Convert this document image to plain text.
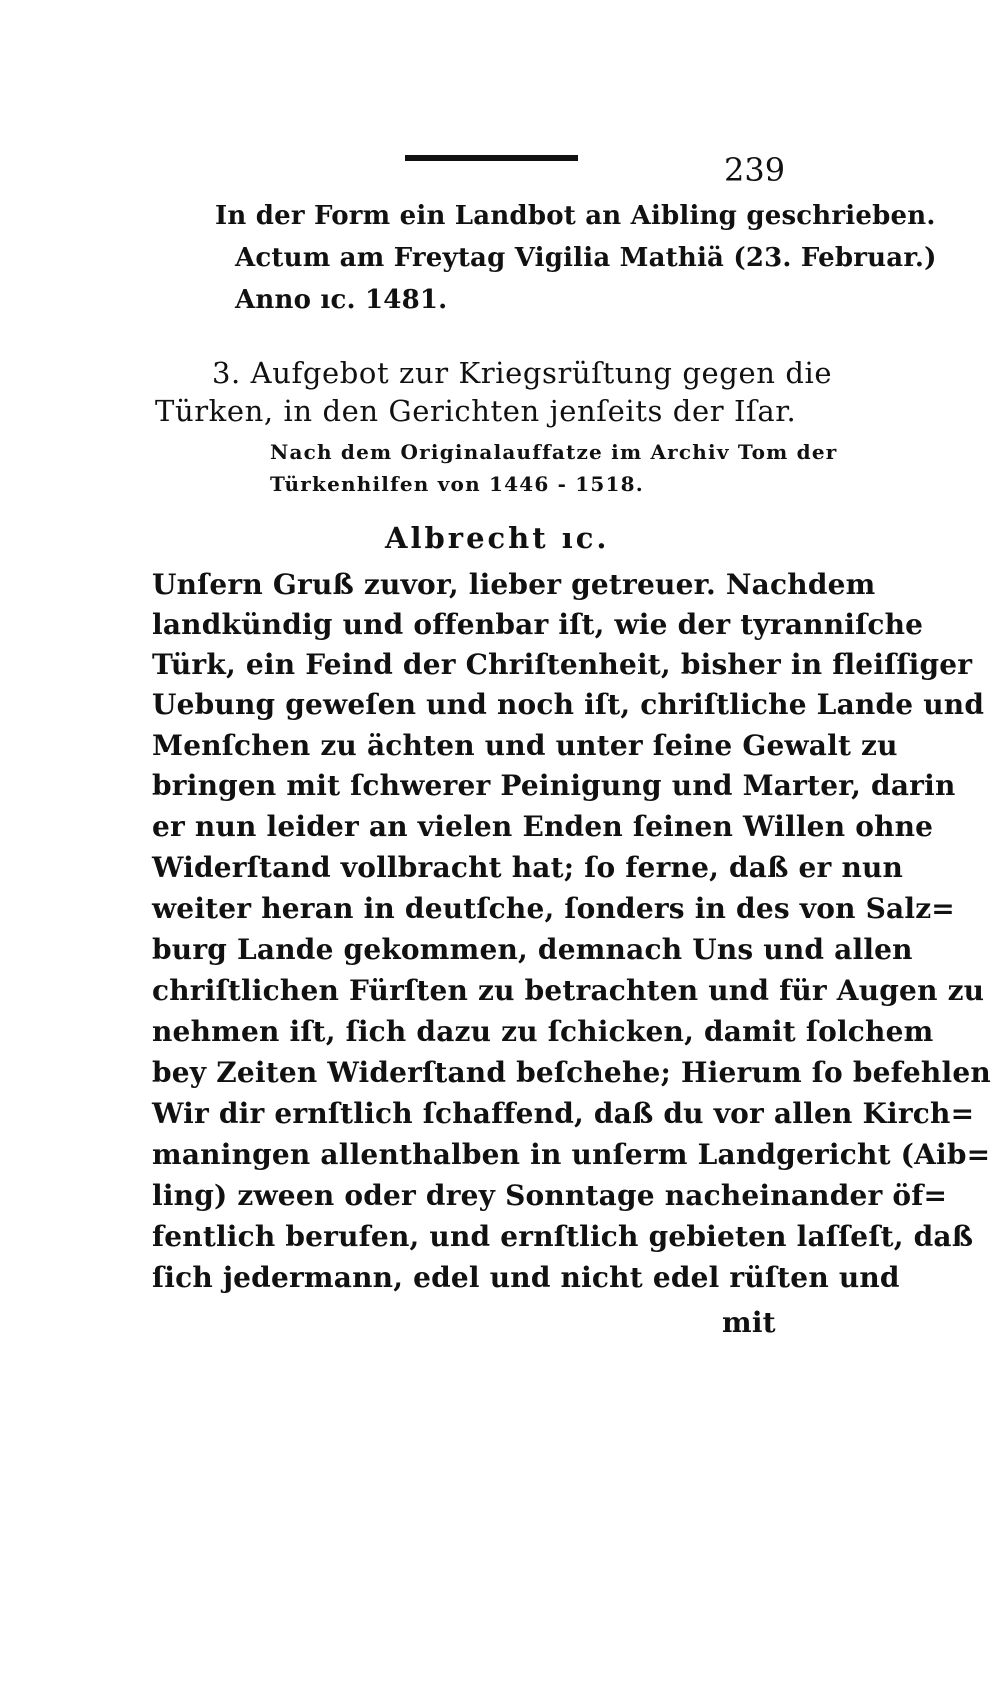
239
In der Form ein Landbot an Aibling geschrieben.
Actum am Freytag Vigilia Mathiä (23. Februar.)
Anno ıc. 1481.
3. Aufgebot zur Kriegsrüſtung gegen die
Türken, in den Gerichten jenſeits der Iſar.
Nach dem Originalauffatze im Archiv Tom der
Türkenhilfen von 1446 - 1518.
Albrecht ıc.
Unſern Gruß zuvor, lieber getreuer. Nachdem
landkündig und offenbar iſt, wie der tyranniſche
Türk, ein Feind der Chriſtenheit, bisher in fleiſſiger
Uebung geweſen und noch iſt, chriſtliche Lande und
Menſchen zu ächten und unter ſeine Gewalt zu
bringen mit ſchwerer Peinigung und Marter, darin
er nun leider an vielen Enden ſeinen Willen ohne
Widerſtand vollbracht hat; ſo ferne, daß er nun
weiter heran in deutſche, ſonders in des von Salz=
burg Lande gekommen, demnach Uns und allen
chriſtlichen Fürſten zu betrachten und für Augen zu
nehmen iſt, ſich dazu zu ſchicken, damit ſolchem
bey Zeiten Widerſtand beſchehe; Hierum ſo befehlen
Wir dir ernſtlich ſchaffend, daß du vor allen Kirch=
maningen allenthalben in unſerm Landgericht (Aib=
ling) zween oder drey Sonntage nacheinander öf=
fentlich berufen, und ernſtlich gebieten laſſeſt, daß
ſich jedermann, edel und nicht edel rüſten und
mit
